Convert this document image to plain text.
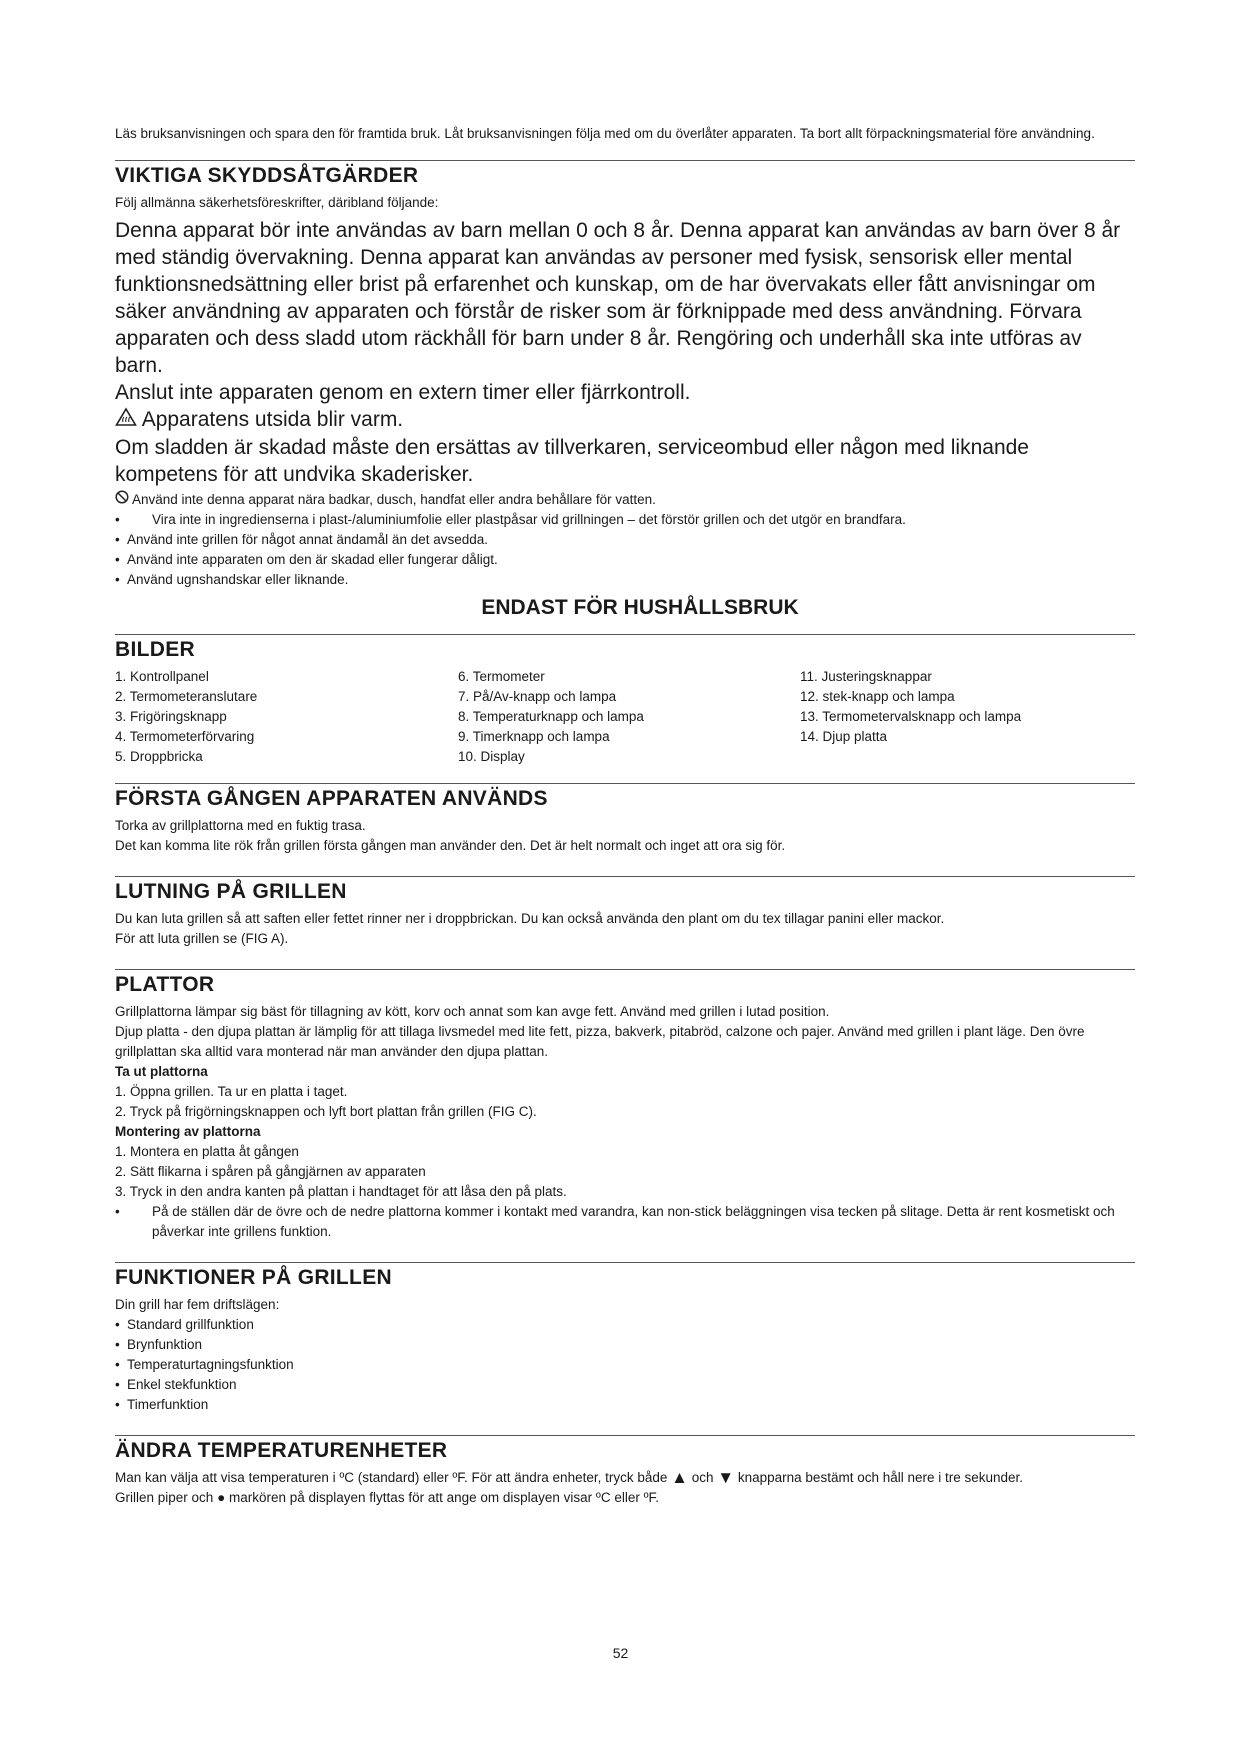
Läs bruksanvisningen och spara den för framtida bruk. Låt bruksanvisningen följa med om du överlåter apparaten. Ta bort allt förpackningsmaterial före användning.
VIKTIGA SKYDDSÅTGÄRDER
Följ allmänna säkerhetsföreskrifter, däribland följande:
Denna apparat bör inte användas av barn mellan 0 och 8 år. Denna apparat kan användas av barn över 8 år med ständig övervakning. Denna apparat kan användas av personer med fysisk, sensorisk eller mental funktionsnedsättning eller brist på erfarenhet och kunskap, om de har övervakats eller fått anvisningar om säker användning av apparaten och förstår de risker som är förknippade med dess användning. Förvara apparaten och dess sladd utom räckhåll för barn under 8 år. Rengöring och underhåll ska inte utföras av barn.
Anslut inte apparaten genom en extern timer eller fjärrkontroll.
Apparatens utsida blir varm.
Om sladden är skadad måste den ersättas av tillverkaren, serviceombud eller någon med liknande kompetens för att undvika skaderisker.
Använd inte denna apparat nära badkar, dusch, handfat eller andra behållare för vatten.
•	Vira inte in ingredienserna i plast-/aluminiumfolie eller plastpåsar vid grillningen – det förstör grillen och det utgör en brandfara.
• Använd inte grillen för något annat ändamål än det avsedda.
• Använd inte apparaten om den är skadad eller fungerar dåligt.
• Använd ugnshandskar eller liknande.
ENDAST FÖR HUSHÅLLSBRUK
BILDER
1. Kontrollpanel
2. Termometeranslutare
3. Frigöringsknapp
4. Termometerförvaring
5. Droppbricka
6. Termometer
7. På/Av-knapp och lampa
8. Temperaturknapp och lampa
9. Timerknapp och lampa
10. Display
11. Justeringsknappar
12. stek-knapp och lampa
13. Termometervalsknapp och lampa
14. Djup platta
FÖRSTA GÅNGEN APPARATEN ANVÄNDS
Torka av grillplattorna med en fuktig trasa.
Det kan komma lite rök från grillen första gången man använder den. Det är helt normalt och inget att ora sig för.
LUTNING PÅ GRILLEN
Du kan luta grillen så att saften eller fettet rinner ner i droppbrickan. Du kan också använda den plant om du tex tillagar panini eller mackor.
För att luta grillen se (FIG A).
PLATTOR
Grillplattorna lämpar sig bäst för tillagning av kött, korv och annat som kan avge fett. Använd med grillen i lutad position.
Djup platta - den djupa plattan är lämplig för att tillaga livsmedel med lite fett, pizza, bakverk, pitabröd, calzone och pajer. Använd med grillen i plant läge. Den övre grillplattan ska alltid vara monterad när man använder den djupa plattan.
Ta ut plattorna
1. Öppna grillen. Ta ur en platta i taget.
2. Tryck på frigörningsknappen och lyft bort plattan från grillen (FIG C).
Montering av plattorna
1. Montera en platta åt gången
2. Sätt flikarna i spåren på gångjärnen av apparaten
3. Tryck in den andra kanten på plattan i handtaget för att låsa den på plats.
•	På de ställen där de övre och de nedre plattorna kommer i kontakt med varandra, kan non-stick beläggningen visa tecken på slitage. Detta är rent kosmetiskt och påverkar inte grillens funktion.
FUNKTIONER PÅ GRILLEN
Din grill har fem driftslägen:
• Standard grillfunktion
• Brynfunktion
• Temperaturtagningsfunktion
• Enkel stekfunktion
• Timerfunktion
ÄNDRA TEMPERATURENHETER
Man kan välja att visa temperaturen i ºC (standard) eller ºF. För att ändra enheter, tryck både ▲ och ▼ knapparna bestämt och håll nere i tre sekunder.
Grillen piper och ● markören på displayen flyttas för att ange om displayen visar ºC eller ºF.
52
